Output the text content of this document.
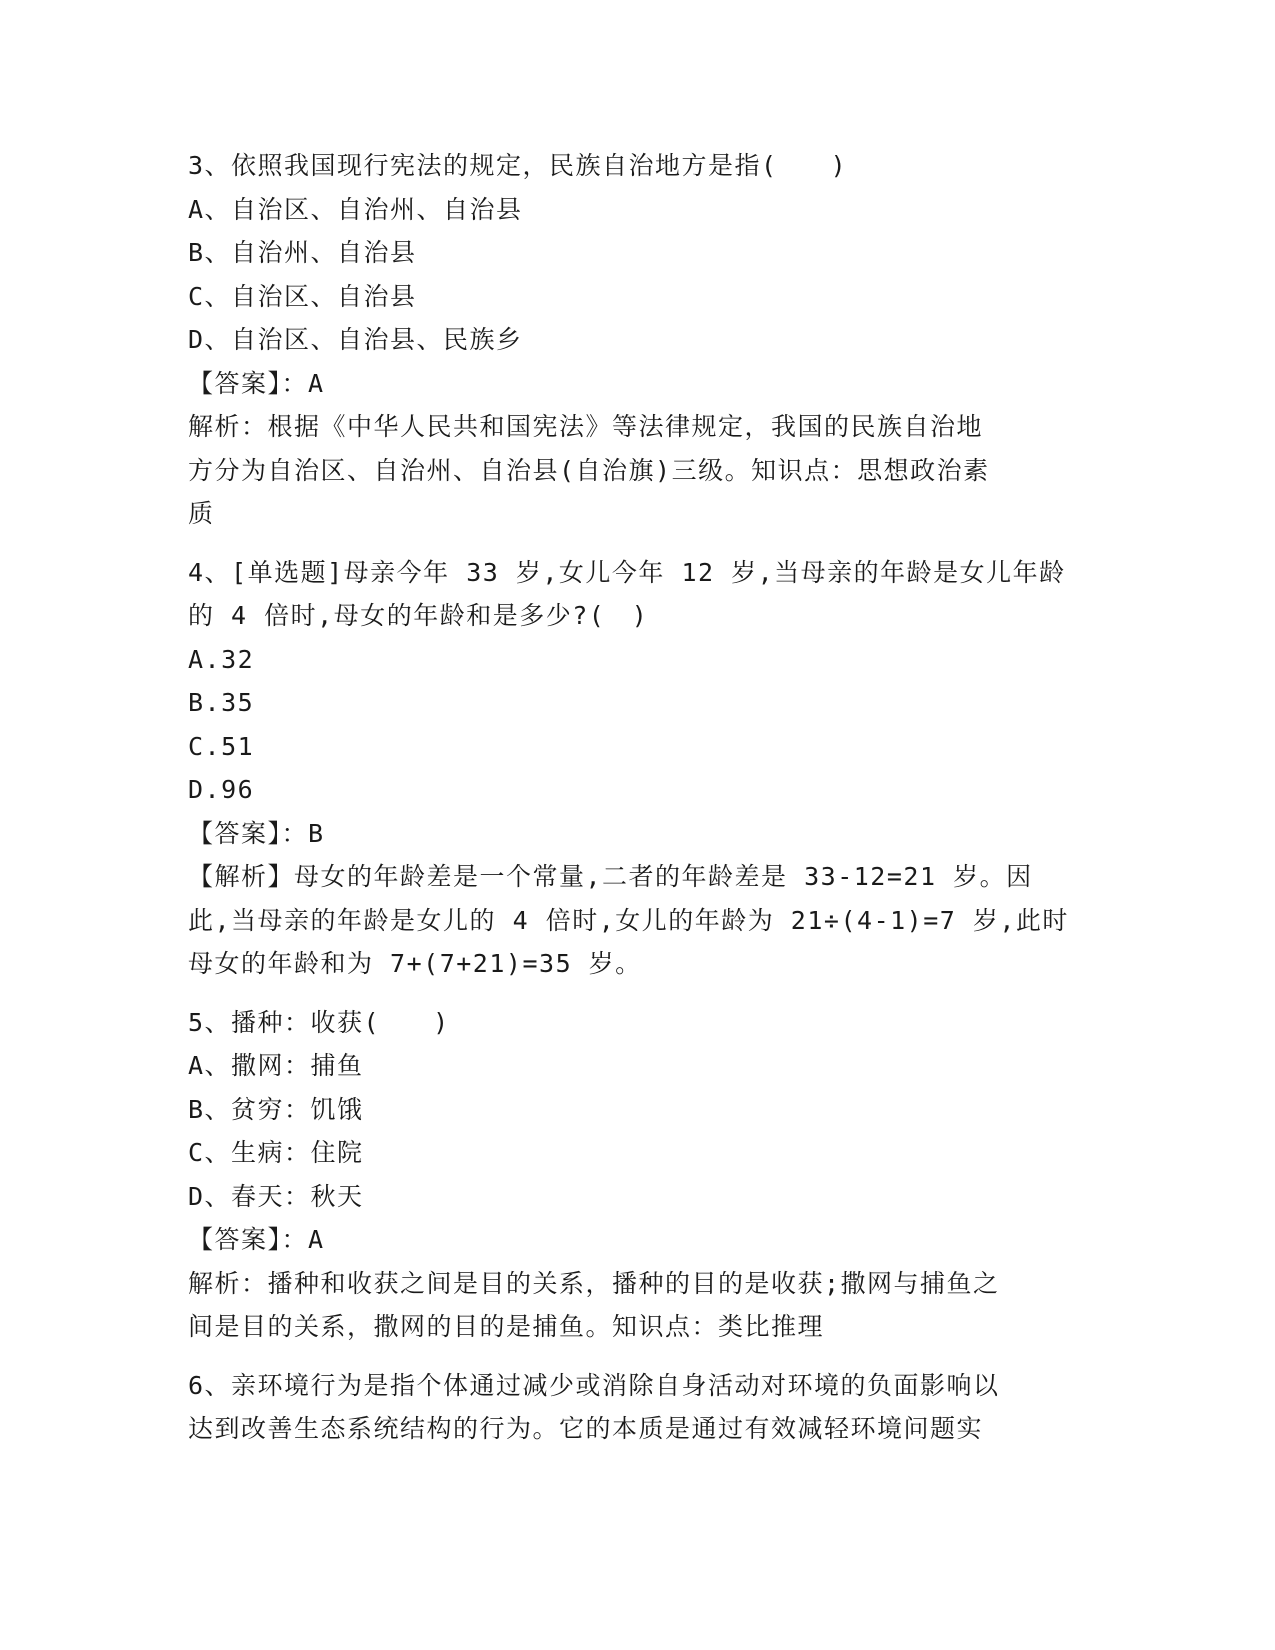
3、依照我国现行宪法的规定，民族自治地方是指(　　)
A、自治区、自治州、自治县
B、自治州、自治县
C、自治区、自治县
D、自治区、自治县、民族乡
【答案】：A
解析：根据《中华人民共和国宪法》等法律规定，我国的民族自治地
方分为自治区、自治州、自治县(自治旗)三级。知识点：思想政治素
质
4、[单选题]母亲今年 33 岁,女儿今年 12 岁,当母亲的年龄是女儿年龄
的 4 倍时,母女的年龄和是多少?(　)
A.32
B.35
C.51
D.96
【答案】：B
【解析】母女的年龄差是一个常量,二者的年龄差是 33-12=21 岁。因
此,当母亲的年龄是女儿的 4 倍时,女儿的年龄为 21÷(4-1)=7 岁,此时
母女的年龄和为 7+(7+21)=35 岁。
5、播种：收获(　　)
A、撒网：捕鱼
B、贫穷：饥饿
C、生病：住院
D、春天：秋天
【答案】：A
解析：播种和收获之间是目的关系，播种的目的是收获;撒网与捕鱼之
间是目的关系，撒网的目的是捕鱼。知识点：类比推理
6、亲环境行为是指个体通过减少或消除自身活动对环境的负面影响以
达到改善生态系统结构的行为。它的本质是通过有效减轻环境问题实
